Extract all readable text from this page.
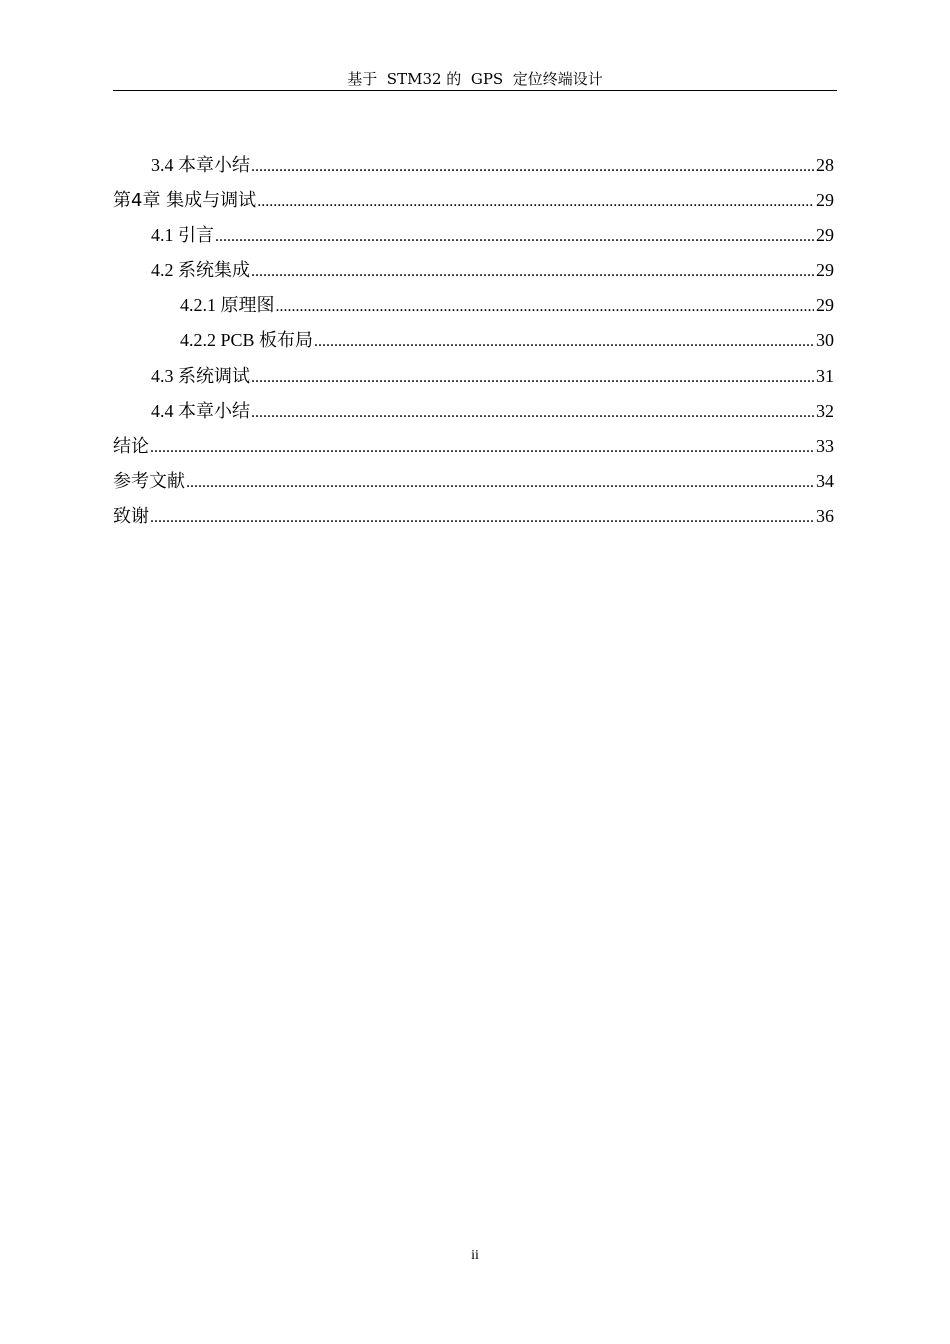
基于  STM32 的  GPS  定位终端设计
3.4 本章小结 .....	28
第4章 集成与调试 .....	29
4.1 引言 .....	29
4.2 系统集成 .....	29
4.2.1 原理图 .....	29
4.2.2 PCB 板布局 .....	30
4.3 系统调试 .....	31
4.4 本章小结 .....	32
结论 .....	33
参考文献 .....	34
致谢 .....	36
ii
